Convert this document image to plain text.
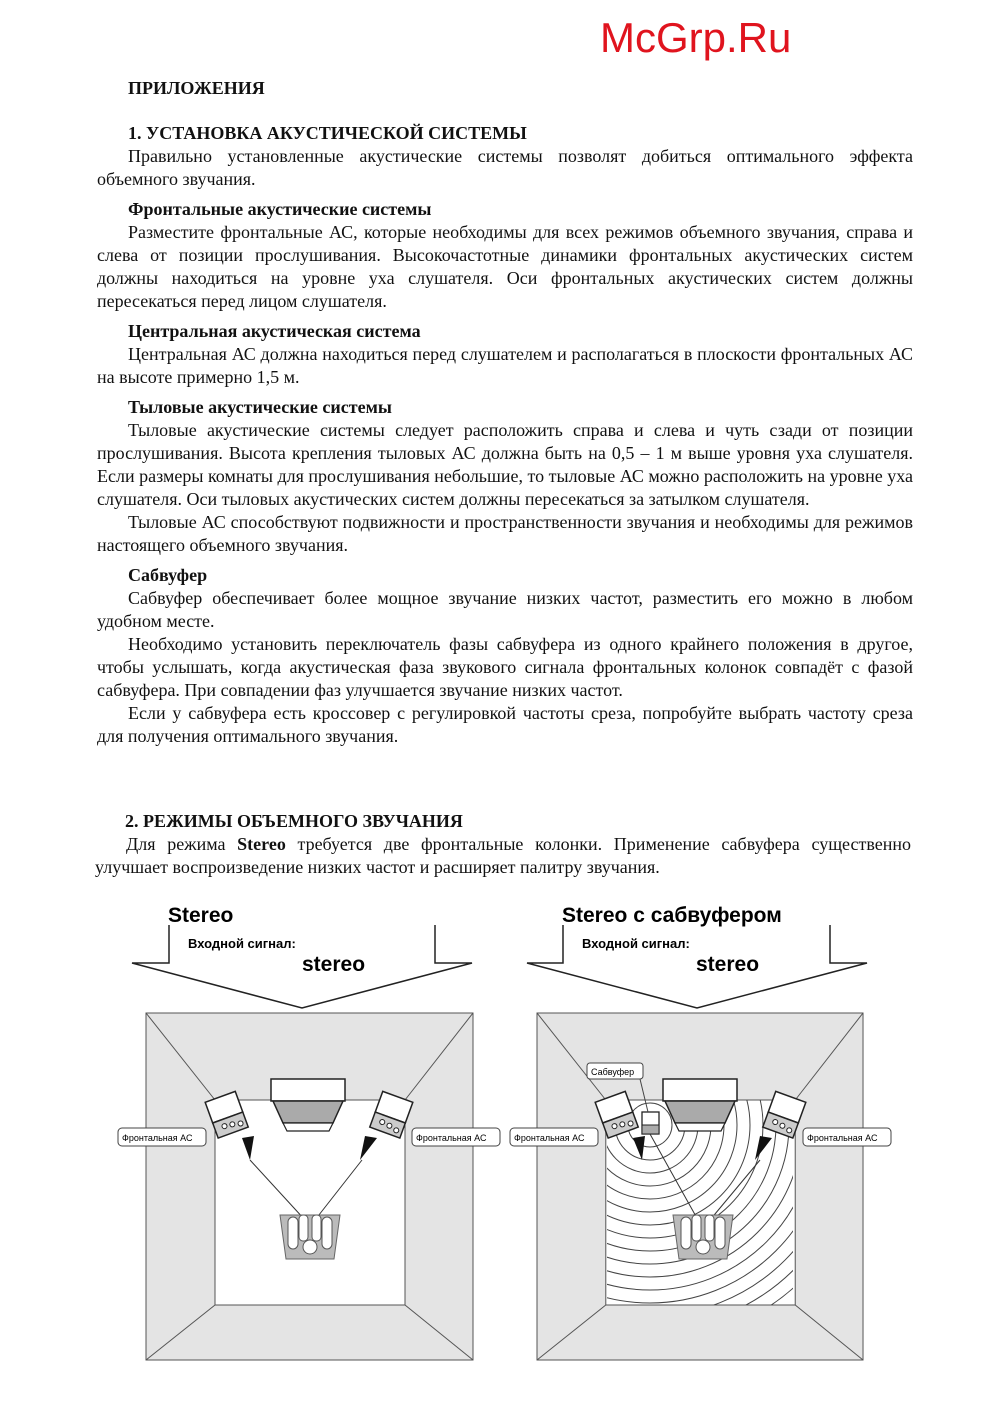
ПРИЛОЖЕНИЯ
1. УСТАНОВКА АКУСТИЧЕСКОЙ СИСТЕМЫ

Правильно установленные акустические системы позволят добиться оптимального эффекта объемного звучания.

Фронтальные акустические системы

Разместите фронтальные АС, которые необходимы для всех режимов объемного звучания, справа и слева от позиции прослушивания. Высокочастотные динамики фронтальных акустических систем должны находиться на уровне уха слушателя. Оси фронтальных акустических систем должны пересекаться перед лицом слушателя.

Центральная акустическая система

Центральная АС должна находиться перед слушателем и располагаться в плоскости фронтальных АС на высоте примерно 1,5 м.

Тыловые акустические системы

Тыловые акустические системы следует расположить справа и слева и чуть сзади от позиции прослушивания. Высота крепления тыловых АС должна быть на 0,5 – 1 м выше уровня уха слушателя. Если размеры комнаты для прослушивания небольшие, то тыловые АС можно расположить на уровне уха слушателя. Оси тыловых акустических систем должны пересекаться за затылком слушателя.

Тыловые АС способствуют подвижности и пространственности звучания и необходимы для режимов настоящего объемного звучания.

Сабвуфер

Сабвуфер обеспечивает более мощное звучание низких частот, разместить его можно в любом удобном месте.

Необходимо установить переключатель фазы сабвуфера из одного крайнего положения в другое, чтобы услышать, когда акустическая фаза звукового сигнала фронтальных колонок совпадёт с фазой сабвуфера. При совпадении фаз улучшается звучание низких частот.

Если у сабвуфера есть кроссовер с регулировкой частоты среза, попробуйте выбрать частоту среза для получения оптимального звучания.

2. РЕЖИМЫ ОБЪЕМНОГО ЗВУЧАНИЯ

Для режима Stereo требуется две фронтальные колонки. Применение сабвуфера существенно улучшает воспроизведение низких частот и расширяет палитру звучания.

Stereo
Входной сигнал:
stereo
Фронтальная АС	Фронтальная АС
Stereo с сабвуфером
Входной сигнал:
stereo
Сабвуфер
Фронтальная АС	Фронтальная АС
McGrp.Ru
